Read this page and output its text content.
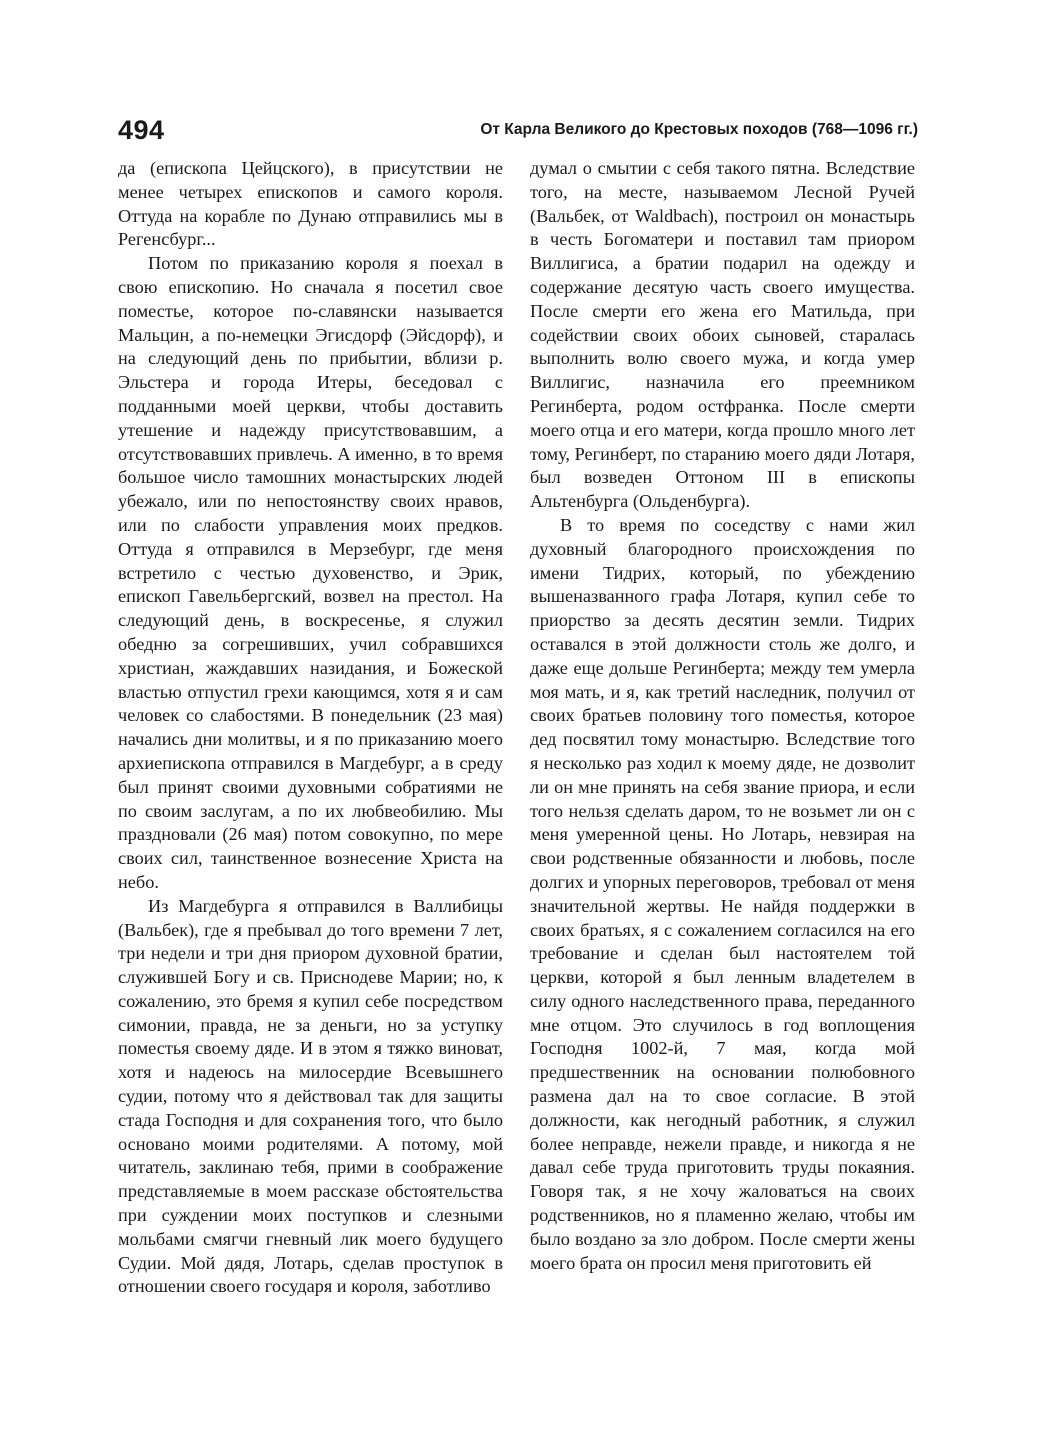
494	От Карла Великого до Крестовых походов (768—1096 гг.)

да (епископа Цейцского), в присутствии не менее четырех епископов и самого короля. Оттуда на корабле по Дунаю отправились мы в Регенсбург...

Потом по приказанию короля я поехал в свою епископию. Но сначала я посетил свое поместье, которое по-славянски называется Мальцин, а по-немецки Эгисдорф (Эйсдорф), и на следующий день по прибытии, вблизи р. Эльстера и города Итеры, беседовал с подданными моей церкви, чтобы доставить утешение и надежду присутствовавшим, а отсутствовавших привлечь. А именно, в то время большое число тамошних монастырских людей убежало, или по непостоянству своих нравов, или по слабости управления моих предков. Оттуда я отправился в Мерзебург, где меня встретило с честью духовенство, и Эрик, епископ Гавельбергский, возвел на престол. На следующий день, в воскресенье, я служил обедню за согрешивших, учил собравшихся христиан, жаждавших назидания, и Божеской властью отпустил грехи кающимся, хотя я и сам человек со слабостями. В понедельник (23 мая) начались дни молитвы, и я по приказанию моего архиепископа отправился в Магдебург, а в среду был принят своими духовными собратиями не по своим заслугам, а по их любвеобилию. Мы праздновали (26 мая) потом совокупно, по мере своих сил, таинственное вознесение Христа на небо.

Из Магдебурга я отправился в Валлибицы (Вальбек), где я пребывал до того времени 7 лет, три недели и три дня приором духовной братии, служившей Богу и св. Приснодеве Марии; но, к сожалению, это бремя я купил себе посредством симонии, правда, не за деньги, но за уступку поместья своему дяде. И в этом я тяжко виноват, хотя и надеюсь на милосердие Всевышнего судии, потому что я действовал так для защиты стада Господня и для сохранения того, что было основано моими родителями. А потому, мой читатель, заклинаю тебя, прими в соображение представляемые в моем рассказе обстоятельства при суждении моих поступков и слезными мольбами смягчи гневный лик моего будущего Судии. Мой дядя, Лотарь, сделав проступок в отношении своего государя и короля, заботливо

думал о смытии с себя такого пятна. Вследствие того, на месте, называемом Лесной Ручей (Вальбек, от Waldbach), построил он монастырь в честь Богоматери и поставил там приором Виллигиса, а братии подарил на одежду и содержание десятую часть своего имущества. После смерти его жена его Матильда, при содействии своих обоих сыновей, старалась выполнить волю своего мужа, и когда умер Виллигис, назначила его преемником Регинберта, родом остфранка. После смерти моего отца и его матери, когда прошло много лет тому, Регинберт, по старанию моего дяди Лотаря, был возведен Оттоном III в епископы Альтенбурга (Ольденбурга).

В то время по соседству с нами жил духовный благородного происхождения по имени Тидрих, который, по убеждению вышеназванного графа Лотаря, купил себе то приорство за десять десятин земли. Тидрих оставался в этой должности столь же долго, и даже еще дольше Регинберта; между тем умерла моя мать, и я, как третий наследник, получил от своих братьев половину того поместья, которое дед посвятил тому монастырю. Вследствие того я несколько раз ходил к моему дяде, не дозволит ли он мне принять на себя звание приора, и если того нельзя сделать даром, то не возьмет ли он с меня умеренной цены. Но Лотарь, невзирая на свои родственные обязанности и любовь, после долгих и упорных переговоров, требовал от меня значительной жертвы. Не найдя поддержки в своих братьях, я с сожалением согласился на его требование и сделан был настоятелем той церкви, которой я был ленным владетелем в силу одного наследственного права, переданного мне отцом. Это случилось в год воплощения Господня 1002-й, 7 мая, когда мой предшественник на основании полюбовного размена дал на то свое согласие. В этой должности, как негодный работник, я служил более неправде, нежели правде, и никогда я не давал себе труда приготовить труды покаяния. Говоря так, я не хочу жаловаться на своих родственников, но я пламенно желаю, чтобы им было воздано за зло добром. После смерти жены моего брата он просил меня приготовить ей
